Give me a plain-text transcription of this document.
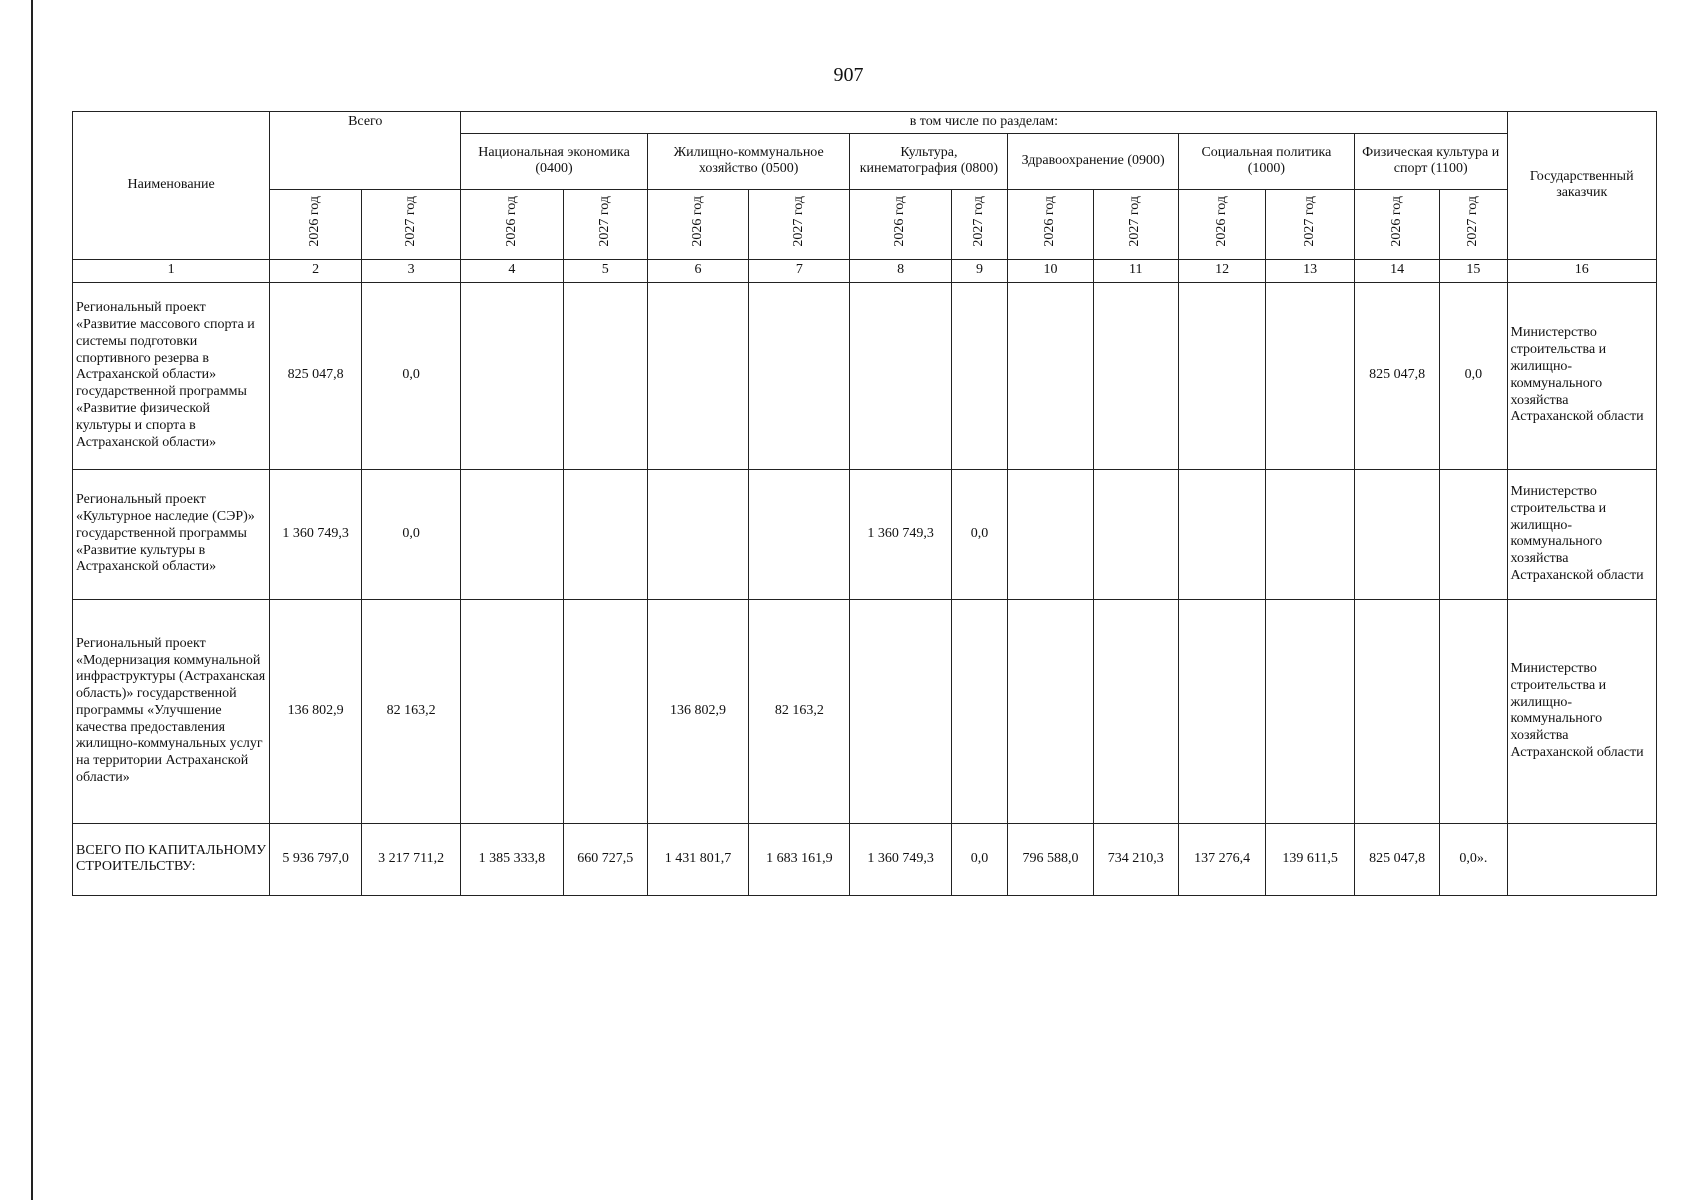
907
Наименование	Всего		в том числе по разделам:												Государственный заказчик
			Национальная экономика (0400)		Жилищно-коммунальное хозяйство (0500)		Культура, кинематография (0800)		Здравоохранение (0900)		Социальная политика (1000)		Физическая культура и спорт (1100)		
	2026 год	2027 год	2026 год	2027 год	2026 год	2027 год	2026 год	2027 год	2026 год	2027 год	2026 год	2027 год	2026 год	2027 год	
1	2	3	4	5	6	7	8	9	10	11	12	13	14	15	16
Региональный проект «Развитие массового спорта и системы подготовки спортивного резерва в Астраханской области» государственной программы «Развитие физической культуры и спорта в Астраханской области»	825 047,8	0,0											825 047,8	0,0	Министерство строительства и жилищно-коммунального хозяйства Астраханской области
Региональный проект «Культурное наследие (СЭР)» государственной программы «Развитие культуры в Астраханской области»	1 360 749,3	0,0					1 360 749,3	0,0							Министерство строительства и жилищно-коммунального хозяйства Астраханской области
Региональный проект «Модернизация коммунальной инфраструктуры (Астраханская область)» государственной программы «Улучшение качества предоставления жилищно-коммунальных услуг на территории Астраханской области»	136 802,9	82 163,2			136 802,9	82 163,2									Министерство строительства и жилищно-коммунального хозяйства Астраханской области
ВСЕГО ПО КАПИТАЛЬНОМУ СТРОИТЕЛЬСТВУ:	5 936 797,0	3 217 711,2	1 385 333,8	660 727,5	1 431 801,7	1 683 161,9	1 360 749,3	0,0	796 588,0	734 210,3	137 276,4	139 611,5	825 047,8	0,0».	
